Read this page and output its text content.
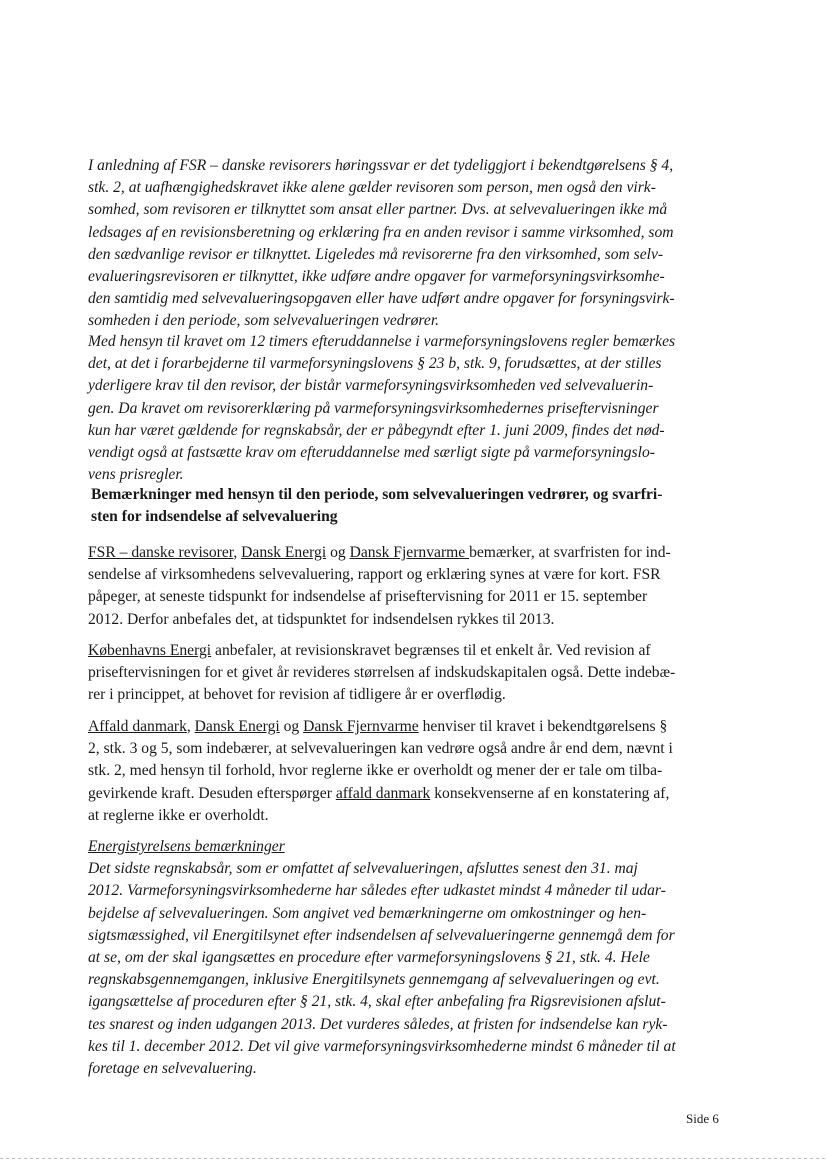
I anledning af FSR – danske revisorers høringssvar er det tydeliggjort i bekendtgørelsens § 4,
stk. 2, at uafhængighedskravet ikke alene gælder revisoren som person, men også den virk-
somhed, som revisoren er tilknyttet som ansat eller partner. Dvs. at selvevalueringen ikke må
ledsages af en revisionsberetning og erklæring fra en anden revisor i samme virksomhed, som
den sædvanlige revisor er tilknyttet. Ligeledes må revisorerne fra den virksomhed, som selv-
evalueringsrevisoren er tilknyttet, ikke udføre andre opgaver for varmeforsyningsvirksomhe-
den samtidig med selvevalueringsopgaven eller have udført andre opgaver for forsyningsvirk-
somheden i den periode, som selvevalueringen vedrører.
Med hensyn til kravet om 12 timers efteruddannelse i varmeforsyningslovens regler bemærkes
det, at det i forarbejderne til varmeforsyningslovens § 23 b, stk. 9, forudsættes, at der stilles
yderligere krav til den revisor, der bistår varmeforsyningsvirksomheden ved selvevaluerin-
gen. Da kravet om revisorerklæring på varmeforsyningsvirksomhedernes priseftervisninger
kun har været gældende for regnskabsår, der er påbegyndt efter 1. juni 2009, findes det nød-
vendigt også at fastsætte krav om efteruddannelse med særligt sigte på varmeforsyningslo-
vens prisregler.
Bemærkninger med hensyn til den periode, som selvevalueringen vedrører, og svarfri-
sten for indsendelse af selvevaluering
FSR – danske revisorer, Dansk Energi og Dansk Fjernvarme bemærker, at svarfristen for ind-
sendelse af virksomhedens selvevaluering, rapport og erklæring synes at være for kort. FSR
påpeger, at seneste tidspunkt for indsendelse af priseftervisning for 2011 er 15. september
2012. Derfor anbefales det, at tidspunktet for indsendelsen rykkes til 2013.
Københavns Energi anbefaler, at revisionskravet begrænses til et enkelt år. Ved revision af
priseftervisningen for et givet år revideres størrelsen af indskudskapitalen også. Dette indebæ-
rer i princippet, at behovet for revision af tidligere år er overflødig.
Affald danmark, Dansk Energi og Dansk Fjernvarme henviser til kravet i bekendtgørelsens §
2, stk. 3 og 5, som indebærer, at selvevalueringen kan vedrøre også andre år end dem, nævnt i
stk. 2, med hensyn til forhold, hvor reglerne ikke er overholdt og mener der er tale om tilba-
gevirkende kraft. Desuden efterspørger affald danmark konsekvenserne af en konstatering af,
at reglerne ikke er overholdt.
Energistyrelsens bemærkninger
Det sidste regnskabsår, som er omfattet af selvevalueringen, afsluttes senest den 31. maj
2012. Varmeforsyningsvirksomhederne har således efter udkastet mindst 4 måneder til udar-
bejdelse af selvevalueringen. Som angivet ved bemærkningerne om omkostninger og hen-
sigtsmæssighed, vil Energitilsynet efter indsendelsen af selvevalueringerne gennemgå dem for
at se, om der skal igangsættes en procedure efter varmeforsyningslovens § 21, stk. 4. Hele
regnskabsgennemgangen, inklusive Energitilsynets gennemgang af selvevalueringen og evt.
igangsættelse af proceduren efter § 21, stk. 4, skal efter anbefaling fra Rigsrevisionen afslut-
tes snarest og inden udgangen 2013. Det vurderes således, at fristen for indsendelse kan ryk-
kes til 1. december 2012. Det vil give varmeforsyningsvirksomhederne mindst 6 måneder til at
foretage en selvevaluering.
Side 6
